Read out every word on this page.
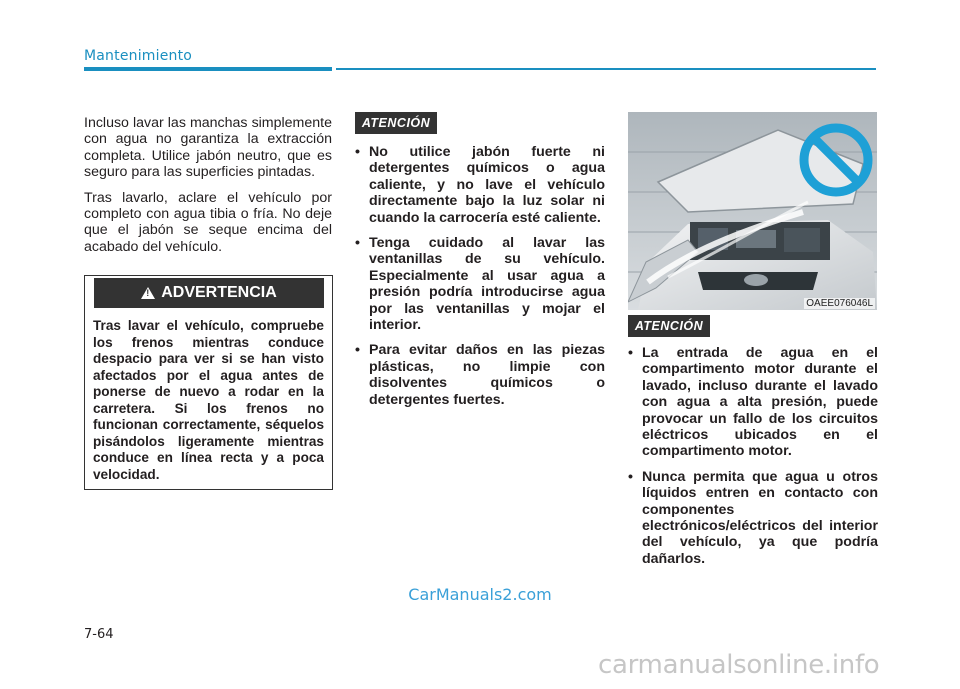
Mantenimiento

Incluso lavar las manchas simplemente con agua no garantiza la extracción completa. Utilice jabón neutro, que es seguro para las superficies pintadas.

Tras lavarlo, aclare el vehículo por completo con agua tibia o fría. No deje que el jabón se seque encima del acabado del vehículo.

!
ADVERTENCIA
Tras lavar el vehículo, compruebe los frenos mientras conduce despacio para ver si se han visto afectados por el agua antes de ponerse de nuevo a rodar en la carretera. Si los frenos no funcionan correctamente, séquelos pisándolos ligeramente mientras conduce en línea recta y a poca velocidad.
ATENCIÓN
• No utilice jabón fuerte ni detergentes químicos o agua caliente, y no lave el vehículo directamente bajo la luz solar ni cuando la carrocería esté caliente.
• Tenga cuidado al lavar las ventanillas de su vehículo. Especialmente al usar agua a presión podría introducirse agua por las ventanillas y mojar el interior.
• Para evitar daños en las piezas plásticas, no limpie con disolventes químicos o detergentes fuertes.
OAEE076046L
ATENCIÓN
• La entrada de agua en el compartimento motor durante el lavado, incluso durante el lavado con agua a alta presión, puede provocar un fallo de los circuitos eléctricos ubicados en el compartimento motor.
• Nunca permita que agua u otros líquidos entren en contacto con componentes electrónicos/eléctricos del interior del vehículo, ya que podría dañarlos.
CarManuals2.com
7-64
carmanualsonline.info
